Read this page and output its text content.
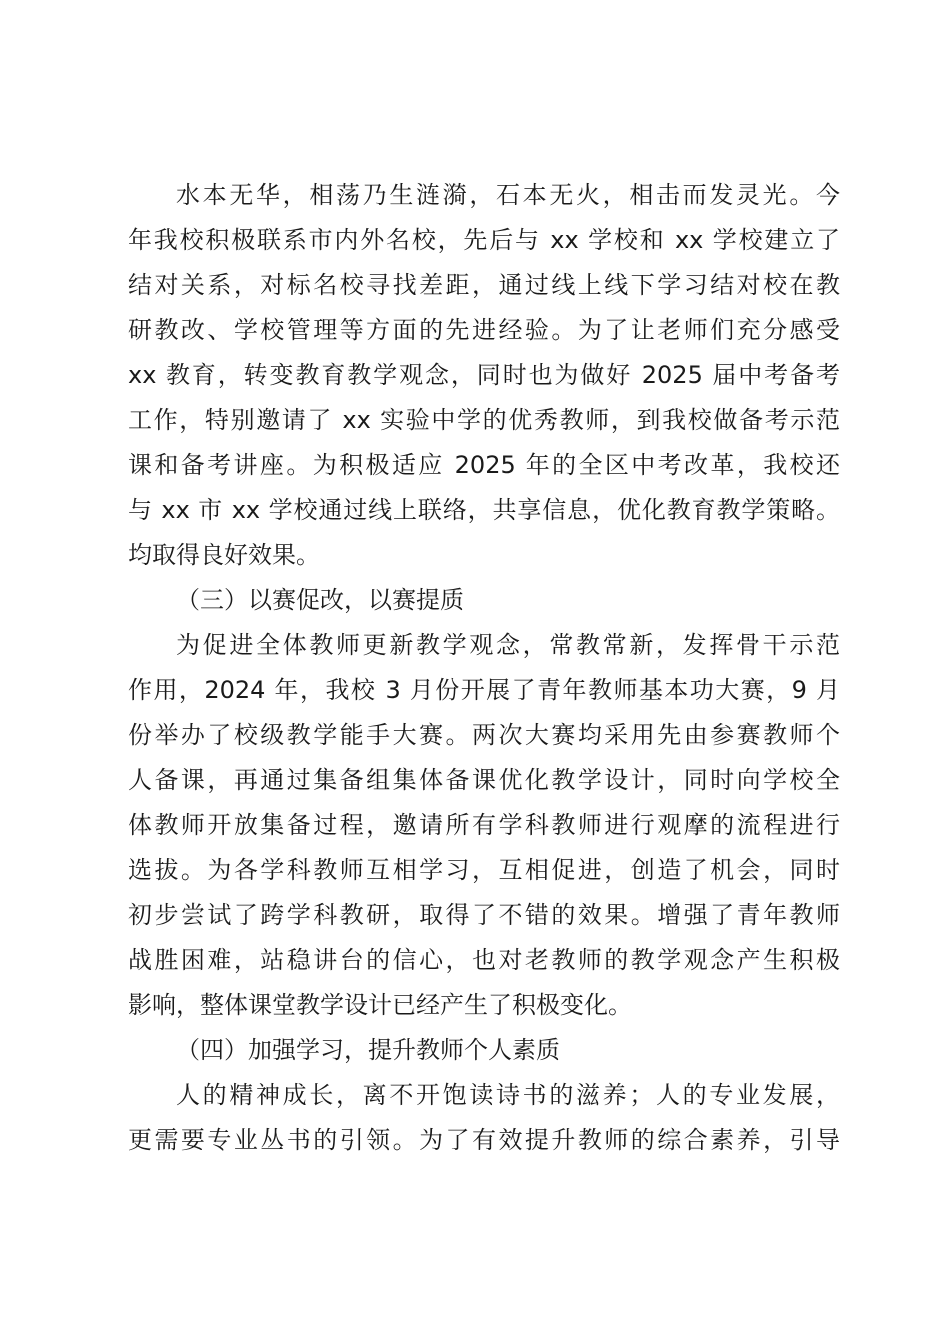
水本无华，相荡乃生涟漪，石本无火，相击而发灵光。今
年我校积极联系市内外名校，先后与 xx 学校和 xx 学校建立了
结对关系，对标名校寻找差距，通过线上线下学习结对校在教
研教改、学校管理等方面的先进经验。为了让老师们充分感受
xx 教育，转变教育教学观念，同时也为做好 2025 届中考备考
工作，特别邀请了 xx 实验中学的优秀教师，到我校做备考示范
课和备考讲座。为积极适应 2025 年的全区中考改革，我校还
与 xx 市 xx 学校通过线上联络，共享信息，优化教育教学策略。
均取得良好效果。
（三）以赛促改，以赛提质
为促进全体教师更新教学观念，常教常新，发挥骨干示范
作用，2024 年，我校 3 月份开展了青年教师基本功大赛，9 月
份举办了校级教学能手大赛。两次大赛均采用先由参赛教师个
人备课，再通过集备组集体备课优化教学设计，同时向学校全
体教师开放集备过程，邀请所有学科教师进行观摩的流程进行
选拔。为各学科教师互相学习，互相促进，创造了机会，同时
初步尝试了跨学科教研，取得了不错的效果。增强了青年教师
战胜困难，站稳讲台的信心，也对老教师的教学观念产生积极
影响，整体课堂教学设计已经产生了积极变化。
（四）加强学习，提升教师个人素质
人的精神成长，离不开饱读诗书的滋养；人的专业发展，
更需要专业丛书的引领。为了有效提升教师的综合素养，引导
